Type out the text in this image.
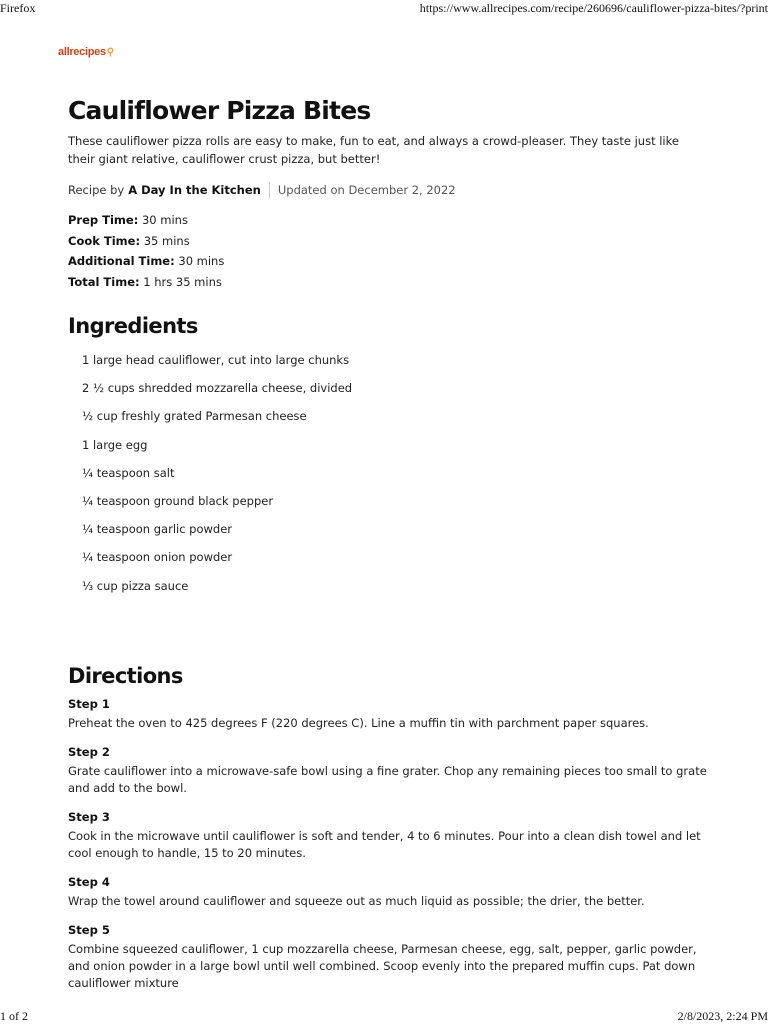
Firefox	https://www.allrecipes.com/recipe/260696/cauliflower-pizza-bites/?print
allrecipes⚲
Cauliflower Pizza Bites
These cauliflower pizza rolls are easy to make, fun to eat, and always a crowd-pleaser. They taste just like their giant relative, cauliflower crust pizza, but better!
Recipe by A Day In the Kitchen Updated on December 2, 2022
Prep Time: 30 mins
Cook Time: 35 mins
Additional Time: 30 mins
Total Time: 1 hrs 35 mins
Ingredients
1 large head cauliflower, cut into large chunks
2 ½ cups shredded mozzarella cheese, divided
½ cup freshly grated Parmesan cheese
1 large egg
¼ teaspoon salt
¼ teaspoon ground black pepper
¼ teaspoon garlic powder
¼ teaspoon onion powder
⅓ cup pizza sauce
Directions
Step 1
Preheat the oven to 425 degrees F (220 degrees C). Line a muffin tin with parchment paper squares.
Step 2
Grate cauliflower into a microwave-safe bowl using a fine grater. Chop any remaining pieces too small to grate and add to the bowl.
Step 3
Cook in the microwave until cauliflower is soft and tender, 4 to 6 minutes. Pour into a clean dish towel and let cool enough to handle, 15 to 20 minutes.
Step 4
Wrap the towel around cauliflower and squeeze out as much liquid as possible; the drier, the better.
Step 5
Combine squeezed cauliflower, 1 cup mozzarella cheese, Parmesan cheese, egg, salt, pepper, garlic powder, and onion powder in a large bowl until well combined. Scoop evenly into the prepared muffin cups. Pat down cauliflower mixture
1 of 2	2/8/2023, 2:24 PM
